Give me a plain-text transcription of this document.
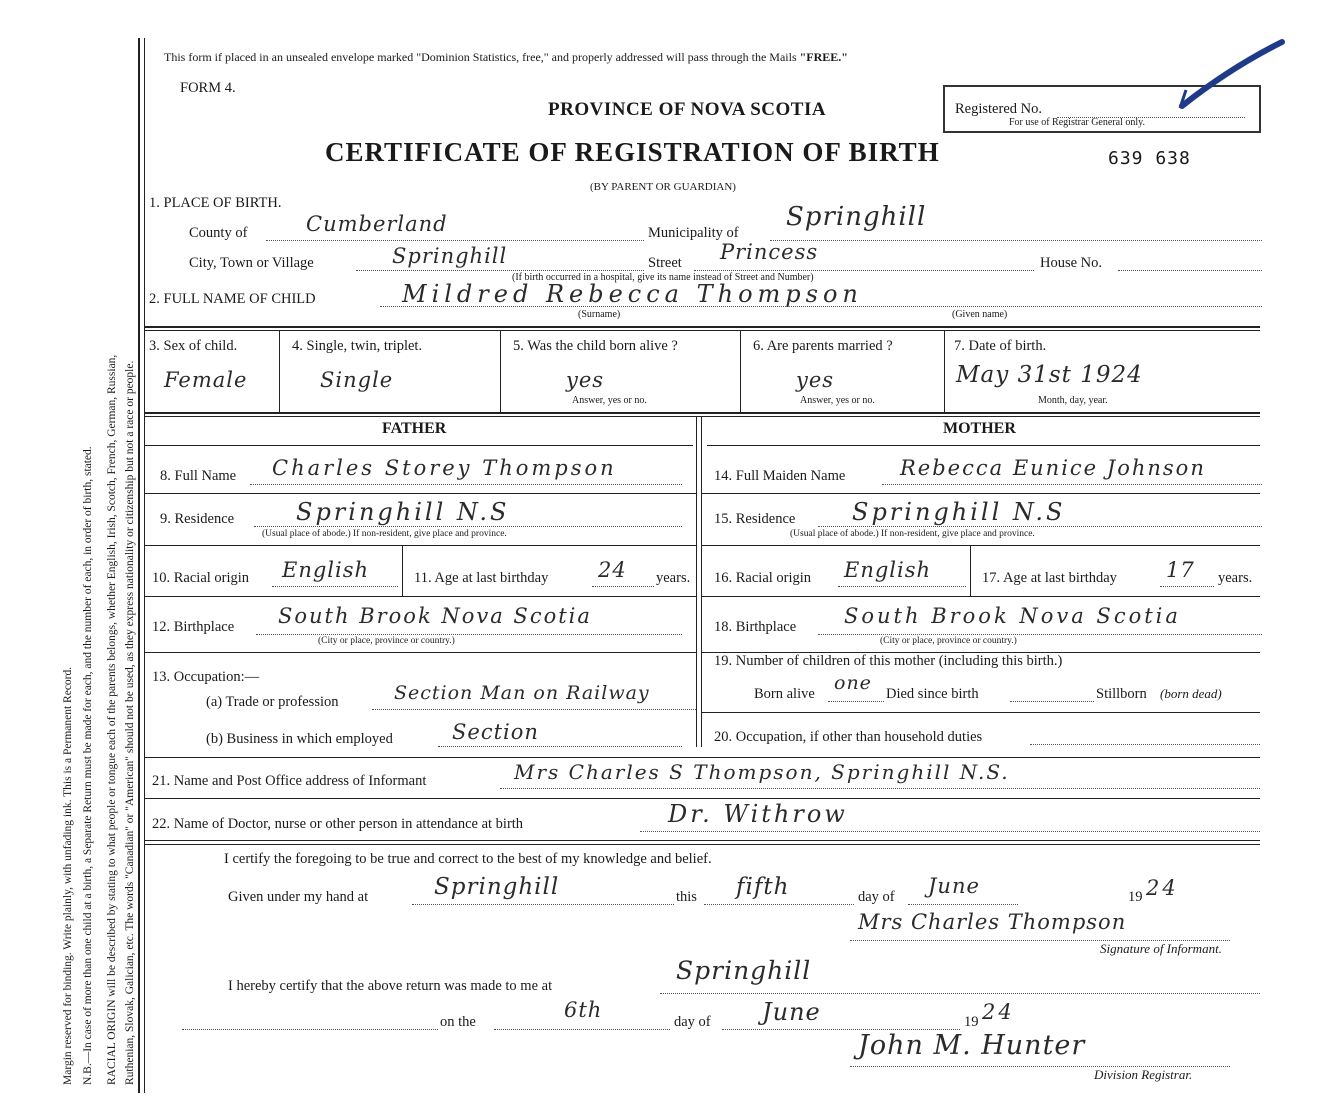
Margin reserved for binding. Write plainly, with unfading ink. This is a Permanent Record. N.B.—In case of more than one child at a birth, a Separate Return must be made for each, and the number of each, in order of birth, stated. RACIAL ORIGIN will be described by stating to what people or tongue each of the parents belongs, whether English, Irish, Scotch, French, German, Russian, Ruthenian, Slovak, Galician, etc. The words "Canadian" or "American" should not be used, as they express nationality or citizenship but not a race or people.
This form if placed in an unsealed envelope marked "Dominion Statistics, free," and properly addressed will pass through the Mails "FREE."
FORM 4.
PROVINCE OF NOVA SCOTIA
CERTIFICATE OF REGISTRATION OF BIRTH
(BY PARENT OR GUARDIAN)
Registered No.
For use of Registrar General only.
639 638
1. PLACE OF BIRTH.
County of	Cumberland	Municipality of
Springhill
City, Town or Village	Springhill	Street Princess	House No.
(If birth occurred in a hospital, give its name instead of Street and Number)
2. FULL NAME OF CHILD	Mildred Rebecca Thompson
(Surname)	(Given name)
3. Sex of child.
Female
4. Single, twin, triplet.
Single
5. Was the child born alive ?
yes
Answer, yes or no.
6. Are parents married ?
yes
Answer, yes or no.
7. Date of birth.
May 31st 1924
Month, day, year.
FATHER	MOTHER
8. Full Name Charles Storey Thompson
9. Residence	Springhill N.S
(Usual place of abode.) If non-resident, give place and province.
10. Racial origin English	11. Age at last birthday 24 years.
12. Birthplace South Brook Nova Scotia
(City or place, province or country.)
13. Occupation:—
(a) Trade or profession	Section Man on Railway
(b) Business in which employed	Section
14. Full Maiden Name	Rebecca Eunice Johnson
15. Residence Springhill N.S
(Usual place of abode.) If non-resident, give place and province.
16. Racial origin English	17. Age at last birthday 17 years.
18. Birthplace South Brook Nova Scotia
(City or place, province or country.)
19. Number of children of this mother (including this birth.)
Born alive one Died since birth	Stillborn (born dead)
20. Occupation, if other than household duties
21. Name and Post Office address of Informant	Mrs Charles S Thompson, Springhill N.S.
22. Name of Doctor, nurse or other person in attendance at birth	Dr. Withrow
I certify the foregoing to be true and correct to the best of my knowledge and belief.
Given under my hand at	Springhill	this fifth	day of June	19 24
Mrs Charles Thompson
Signature of Informant.
I hereby certify that the above return was made to me at
Springhill
on the	6th	day of June	19 24
John M. Hunter
Division Registrar.
